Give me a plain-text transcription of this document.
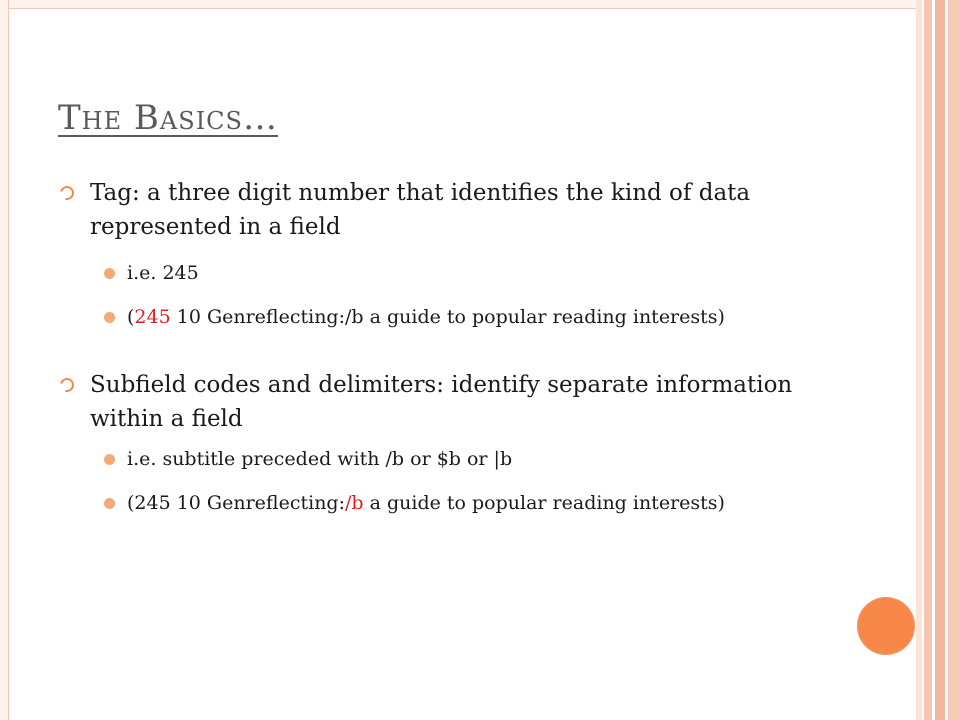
The Basics…

Tag: a three digit number that identifies the kind of data represented in a field

i.e. 245

(245 10 Genreflecting:/b a guide to popular reading interests)

Subfield codes and delimiters: identify separate information within a field

i.e. subtitle preceded with /b or $b or |b

(245 10 Genreflecting:/b a guide to popular reading interests)
